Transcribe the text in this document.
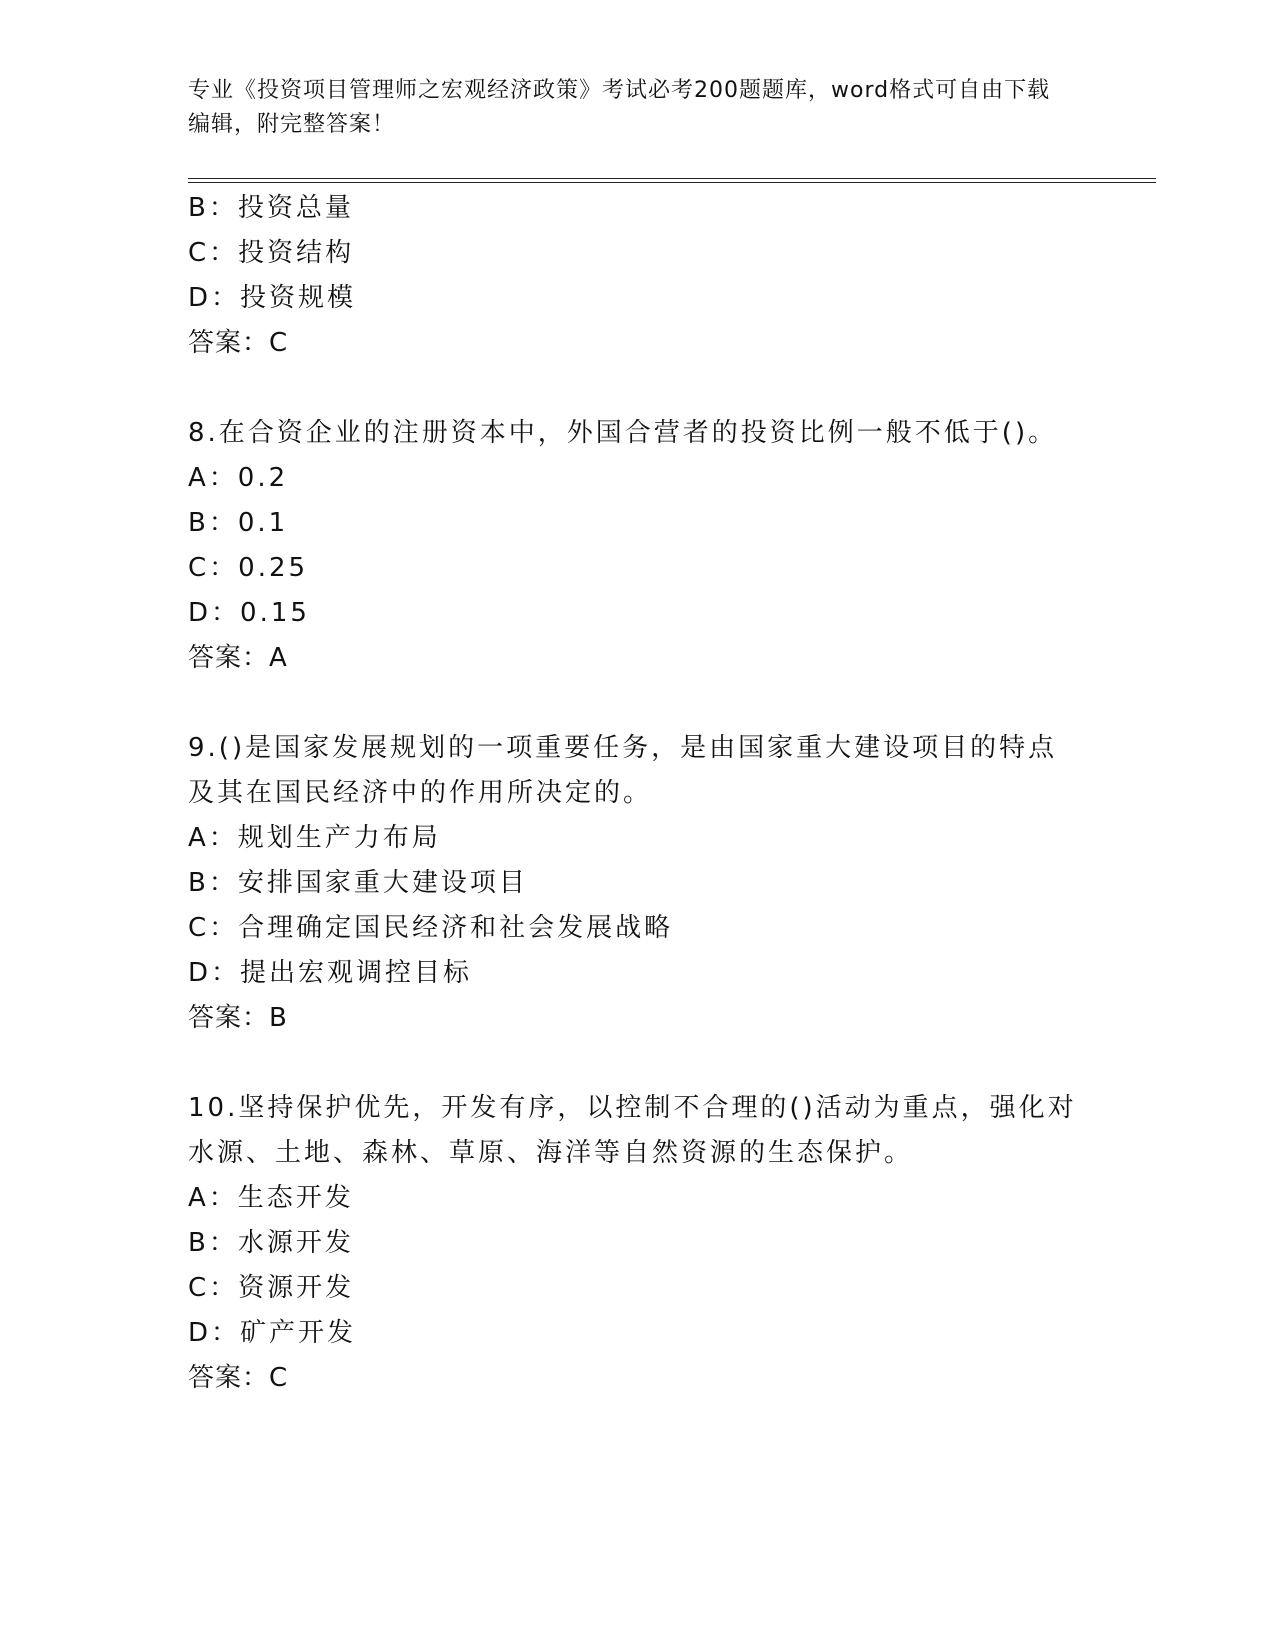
专业《投资项目管理师之宏观经济政策》考试必考200题题库，word格式可自由下载编辑，附完整答案！
B：投资总量
C：投资结构
D：投资规模
答案：C
8.在合资企业的注册资本中，外国合营者的投资比例一般不低于()。
A：0.2
B：0.1
C：0.25
D：0.15
答案：A
9.()是国家发展规划的一项重要任务，是由国家重大建设项目的特点
及其在国民经济中的作用所决定的。
A：规划生产力布局
B：安排国家重大建设项目
C：合理确定国民经济和社会发展战略
D：提出宏观调控目标
答案：B
10.坚持保护优先，开发有序，以控制不合理的()活动为重点，强化对
水源、土地、森林、草原、海洋等自然资源的生态保护。
A：生态开发
B：水源开发
C：资源开发
D：矿产开发
答案：C
